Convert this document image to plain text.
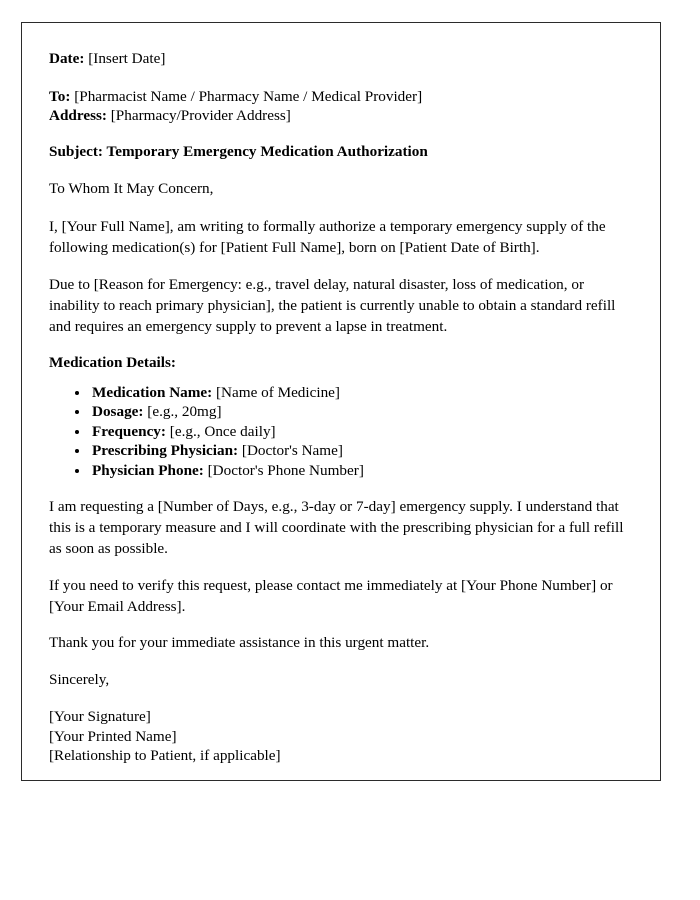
Date: [Insert Date]

To: [Pharmacist Name / Pharmacy Name / Medical Provider]

Address: [Pharmacy/Provider Address]

Subject: Temporary Emergency Medication Authorization

To Whom It May Concern,

I, [Your Full Name], am writing to formally authorize a temporary emergency supply of the following medication(s) for [Patient Full Name], born on [Patient Date of Birth].

Due to [Reason for Emergency: e.g., travel delay, natural disaster, loss of medication, or inability to reach primary physician], the patient is currently unable to obtain a standard refill and requires an emergency supply to prevent a lapse in treatment.

Medication Details:

• Medication Name: [Name of Medicine]
• Dosage: [e.g., 20mg]
• Frequency: [e.g., Once daily]
• Prescribing Physician: [Doctor's Name]
• Physician Phone: [Doctor's Phone Number]

I am requesting a [Number of Days, e.g., 3-day or 7-day] emergency supply. I understand that this is a temporary measure and I will coordinate with the prescribing physician for a full refill as soon as possible.

If you need to verify this request, please contact me immediately at [Your Phone Number] or [Your Email Address].

Thank you for your immediate assistance in this urgent matter.

Sincerely,

[Your Signature]

[Your Printed Name]

[Relationship to Patient, if applicable]
